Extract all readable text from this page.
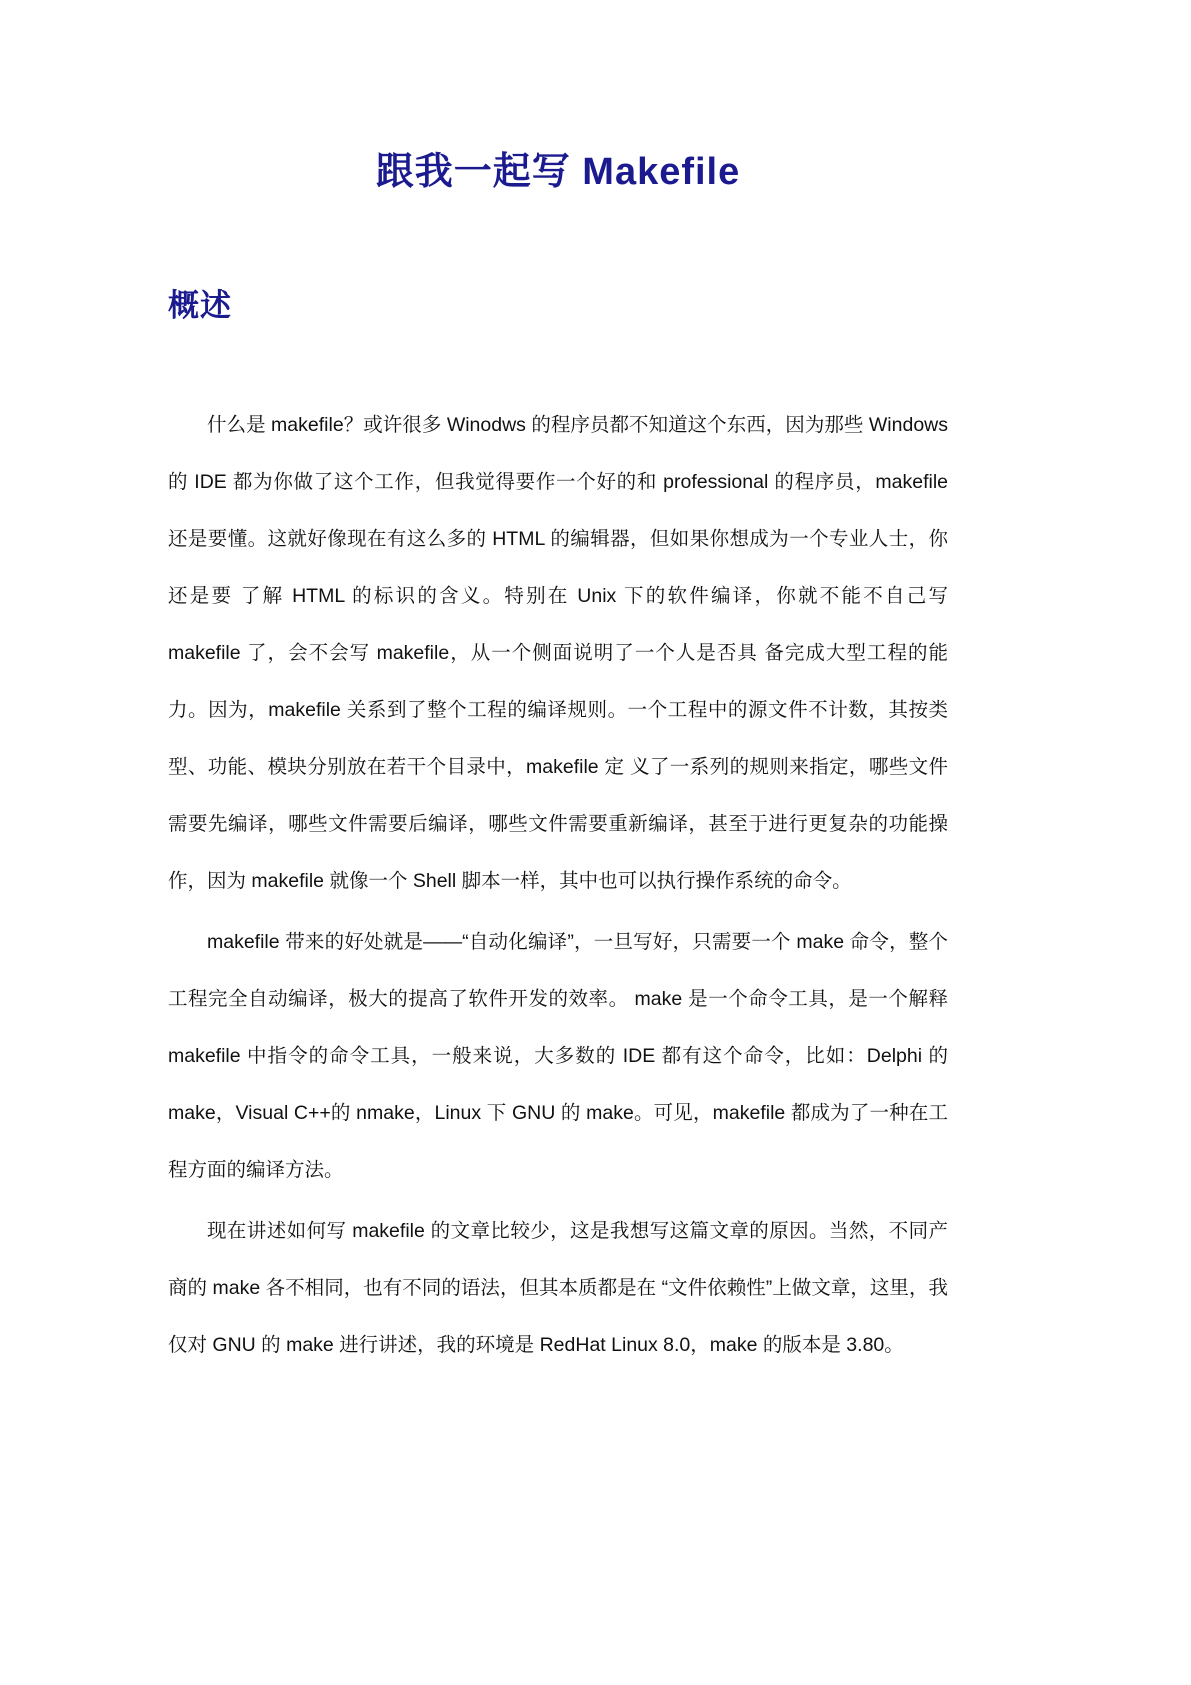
跟我一起写 Makefile
概述

什么是 makefile？或许很多 Winodws 的程序员都不知道这个东西，因为那些 Windows 的 IDE 都为你做了这个工作，但我觉得要作一个好的和 professional 的程序员，makefile 还是要懂。这就好像现在有这么多的 HTML 的编辑器，但如果你想成为一个专业人士，你还是要 了解 HTML 的标识的含义。特别在 Unix 下的软件编译，你就不能不自己写 makefile 了，会不会写 makefile，从一个侧面说明了一个人是否具 备完成大型工程的能力。因为，makefile 关系到了整个工程的编译规则。一个工程中的源文件不计数，其按类型、功能、模块分别放在若干个目录中，makefile 定 义了一系列的规则来指定，哪些文件需要先编译，哪些文件需要后编译，哪些文件需要重新编译，甚至于进行更复杂的功能操作，因为 makefile 就像一个 Shell 脚本一样，其中也可以执行操作系统的命令。

makefile 带来的好处就是——“自动化编译”，一旦写好，只需要一个 make 命令，整个工程完全自动编译，极大的提高了软件开发的效率。 make 是一个命令工具，是一个解释 makefile 中指令的命令工具，一般来说，大多数的 IDE 都有这个命令，比如：Delphi 的 make，Visual C++的 nmake，Linux 下 GNU 的 make。可见，makefile 都成为了一种在工程方面的编译方法。

现在讲述如何写 makefile 的文章比较少，这是我想写这篇文章的原因。当然，不同产商的 make 各不相同，也有不同的语法，但其本质都是在 “文件依赖性”上做文章，这里，我仅对 GNU 的 make 进行讲述，我的环境是 RedHat Linux 8.0，make 的版本是 3.80。
